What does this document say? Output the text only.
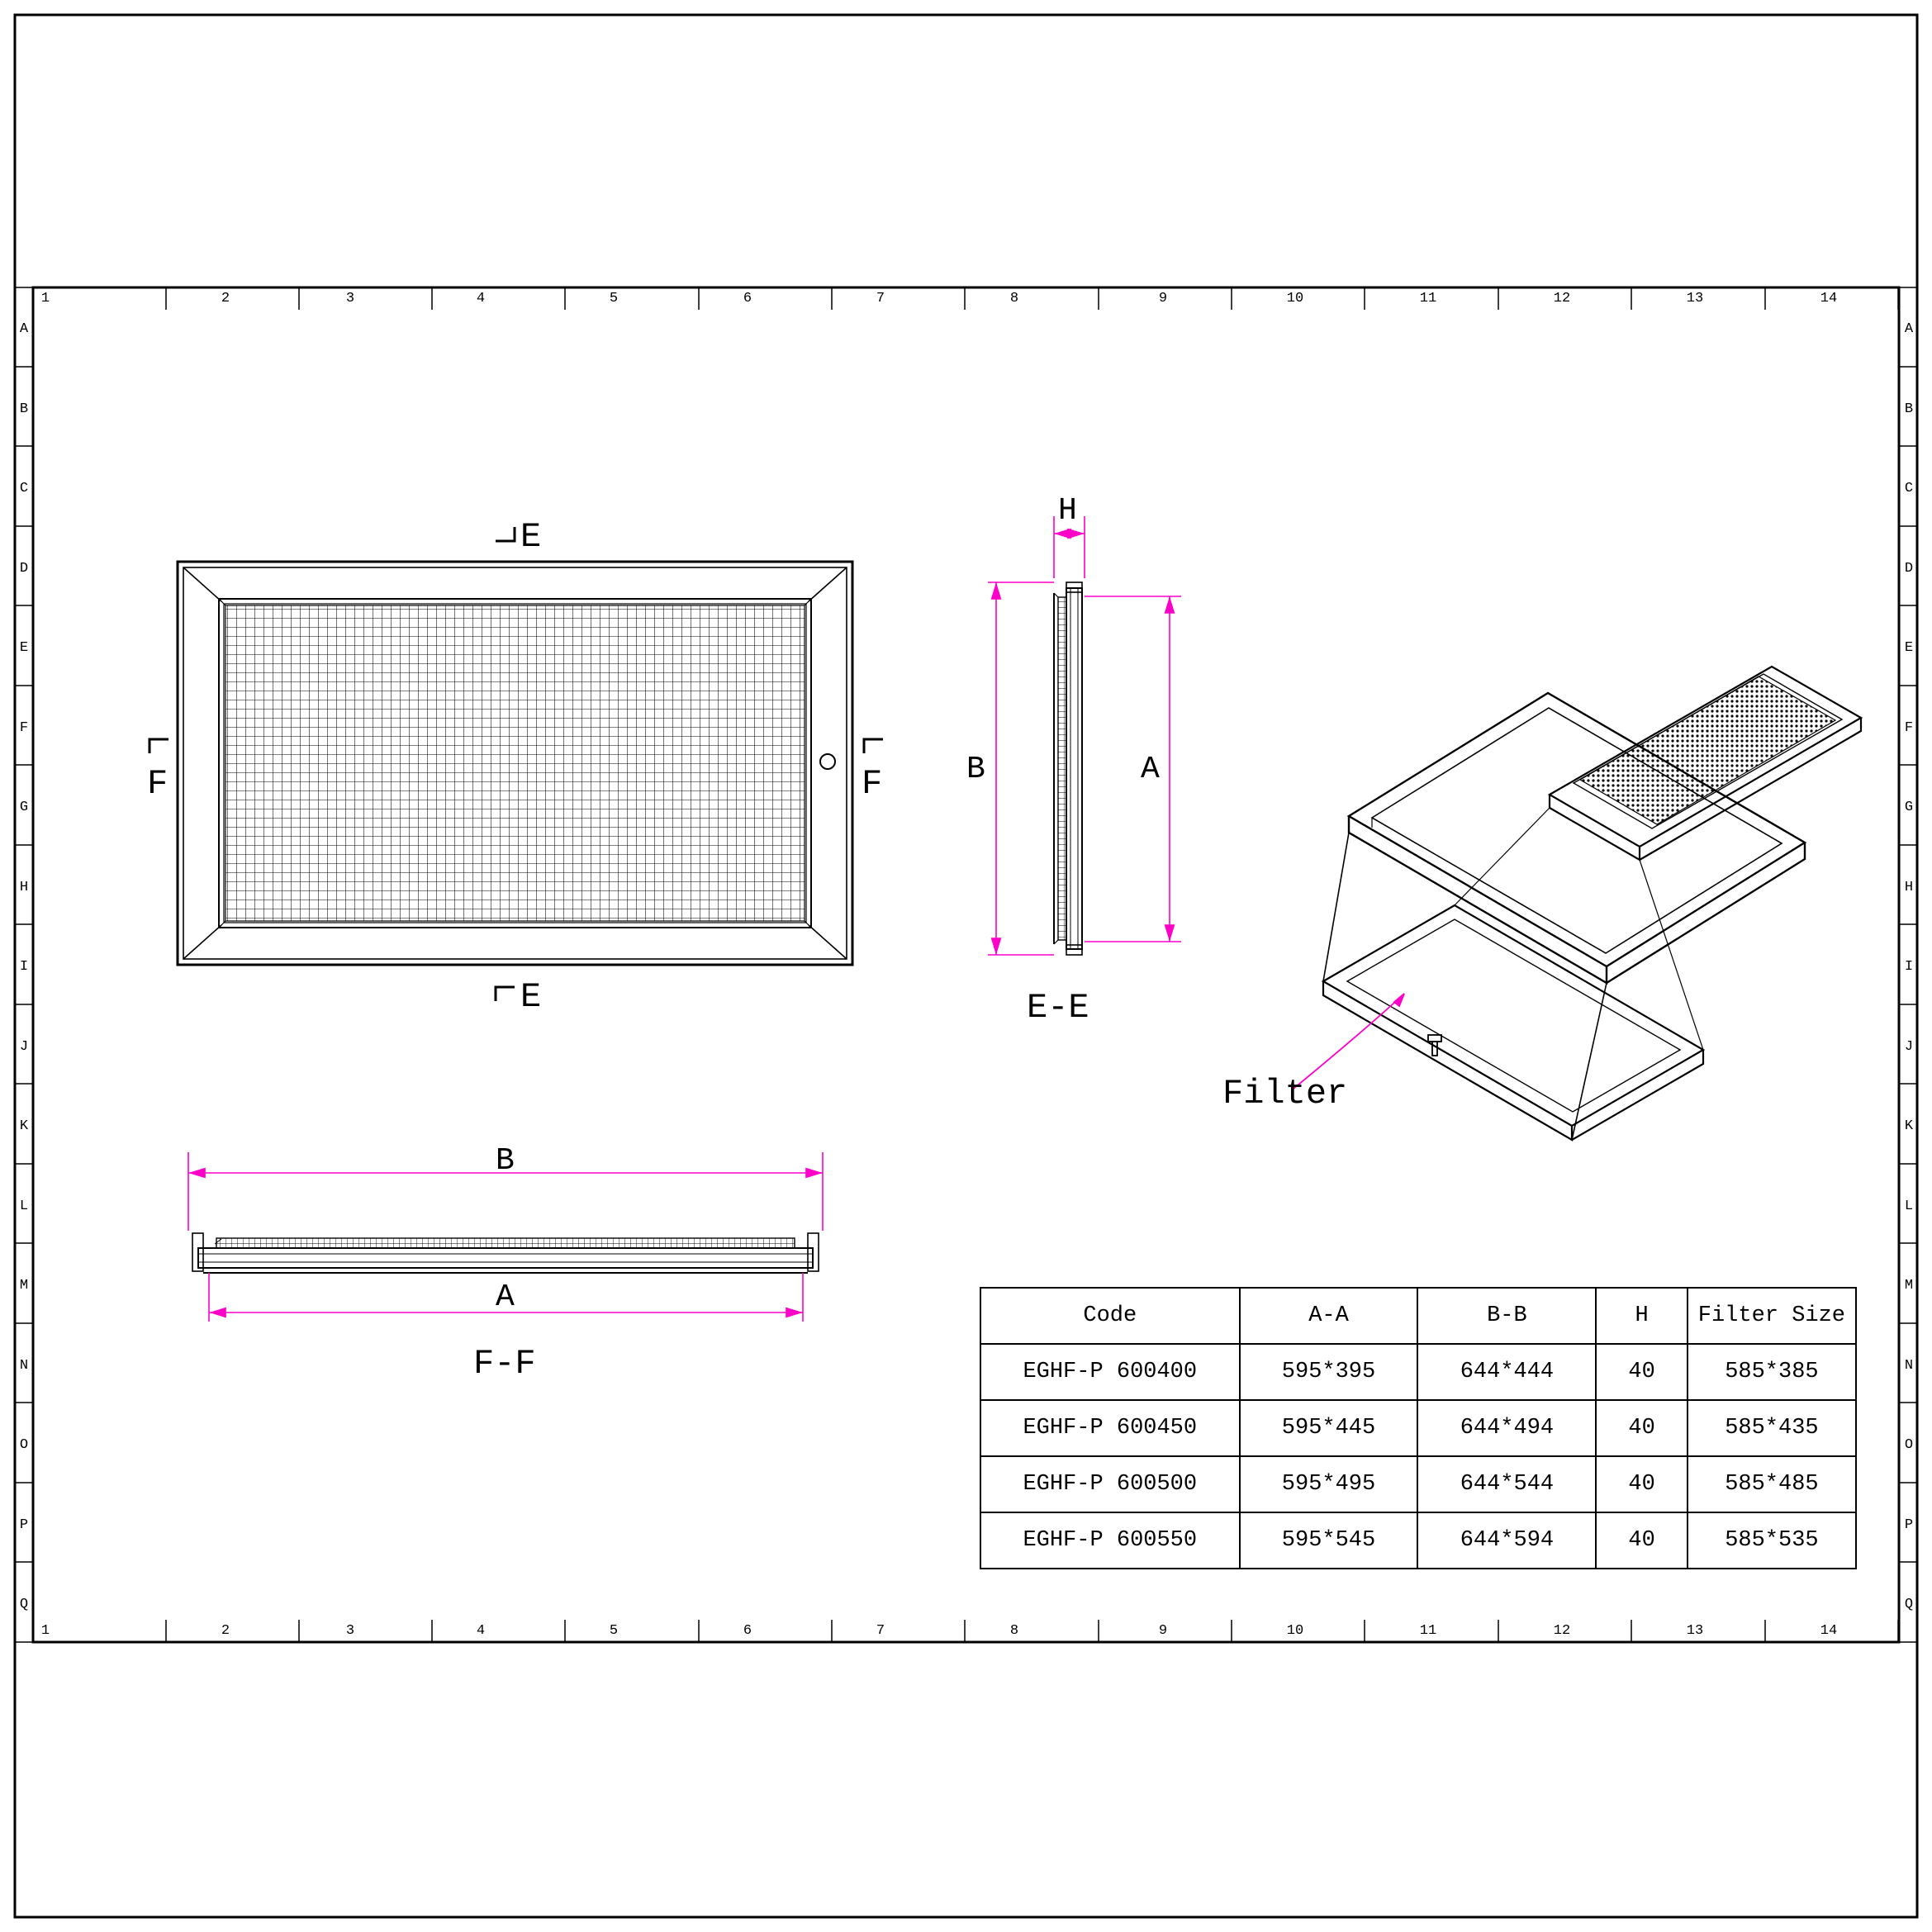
1	2	3	4	5	6	7	8	9	10	11	12	13	14
1	2	3	4	5	6	7	8	9	10	11	12	13	14
A
B
C
D
E
F
G
H
I
J
K
L
M
N
O
P
Q
A
B
C
D
E
F
G
H
I
J
K
L
M
N
O
P
Q
E
E
F	F
H
B	A
E-E
B
A
F-F
Filter
Code	A-A	B-B	H	Filter Size
EGHF-P 600400	595*395	644*444	40	585*385
EGHF-P 600450	595*445	644*494	40	585*435
EGHF-P 600500	595*495	644*544	40	585*485
EGHF-P 600550	595*545	644*594	40	585*535
